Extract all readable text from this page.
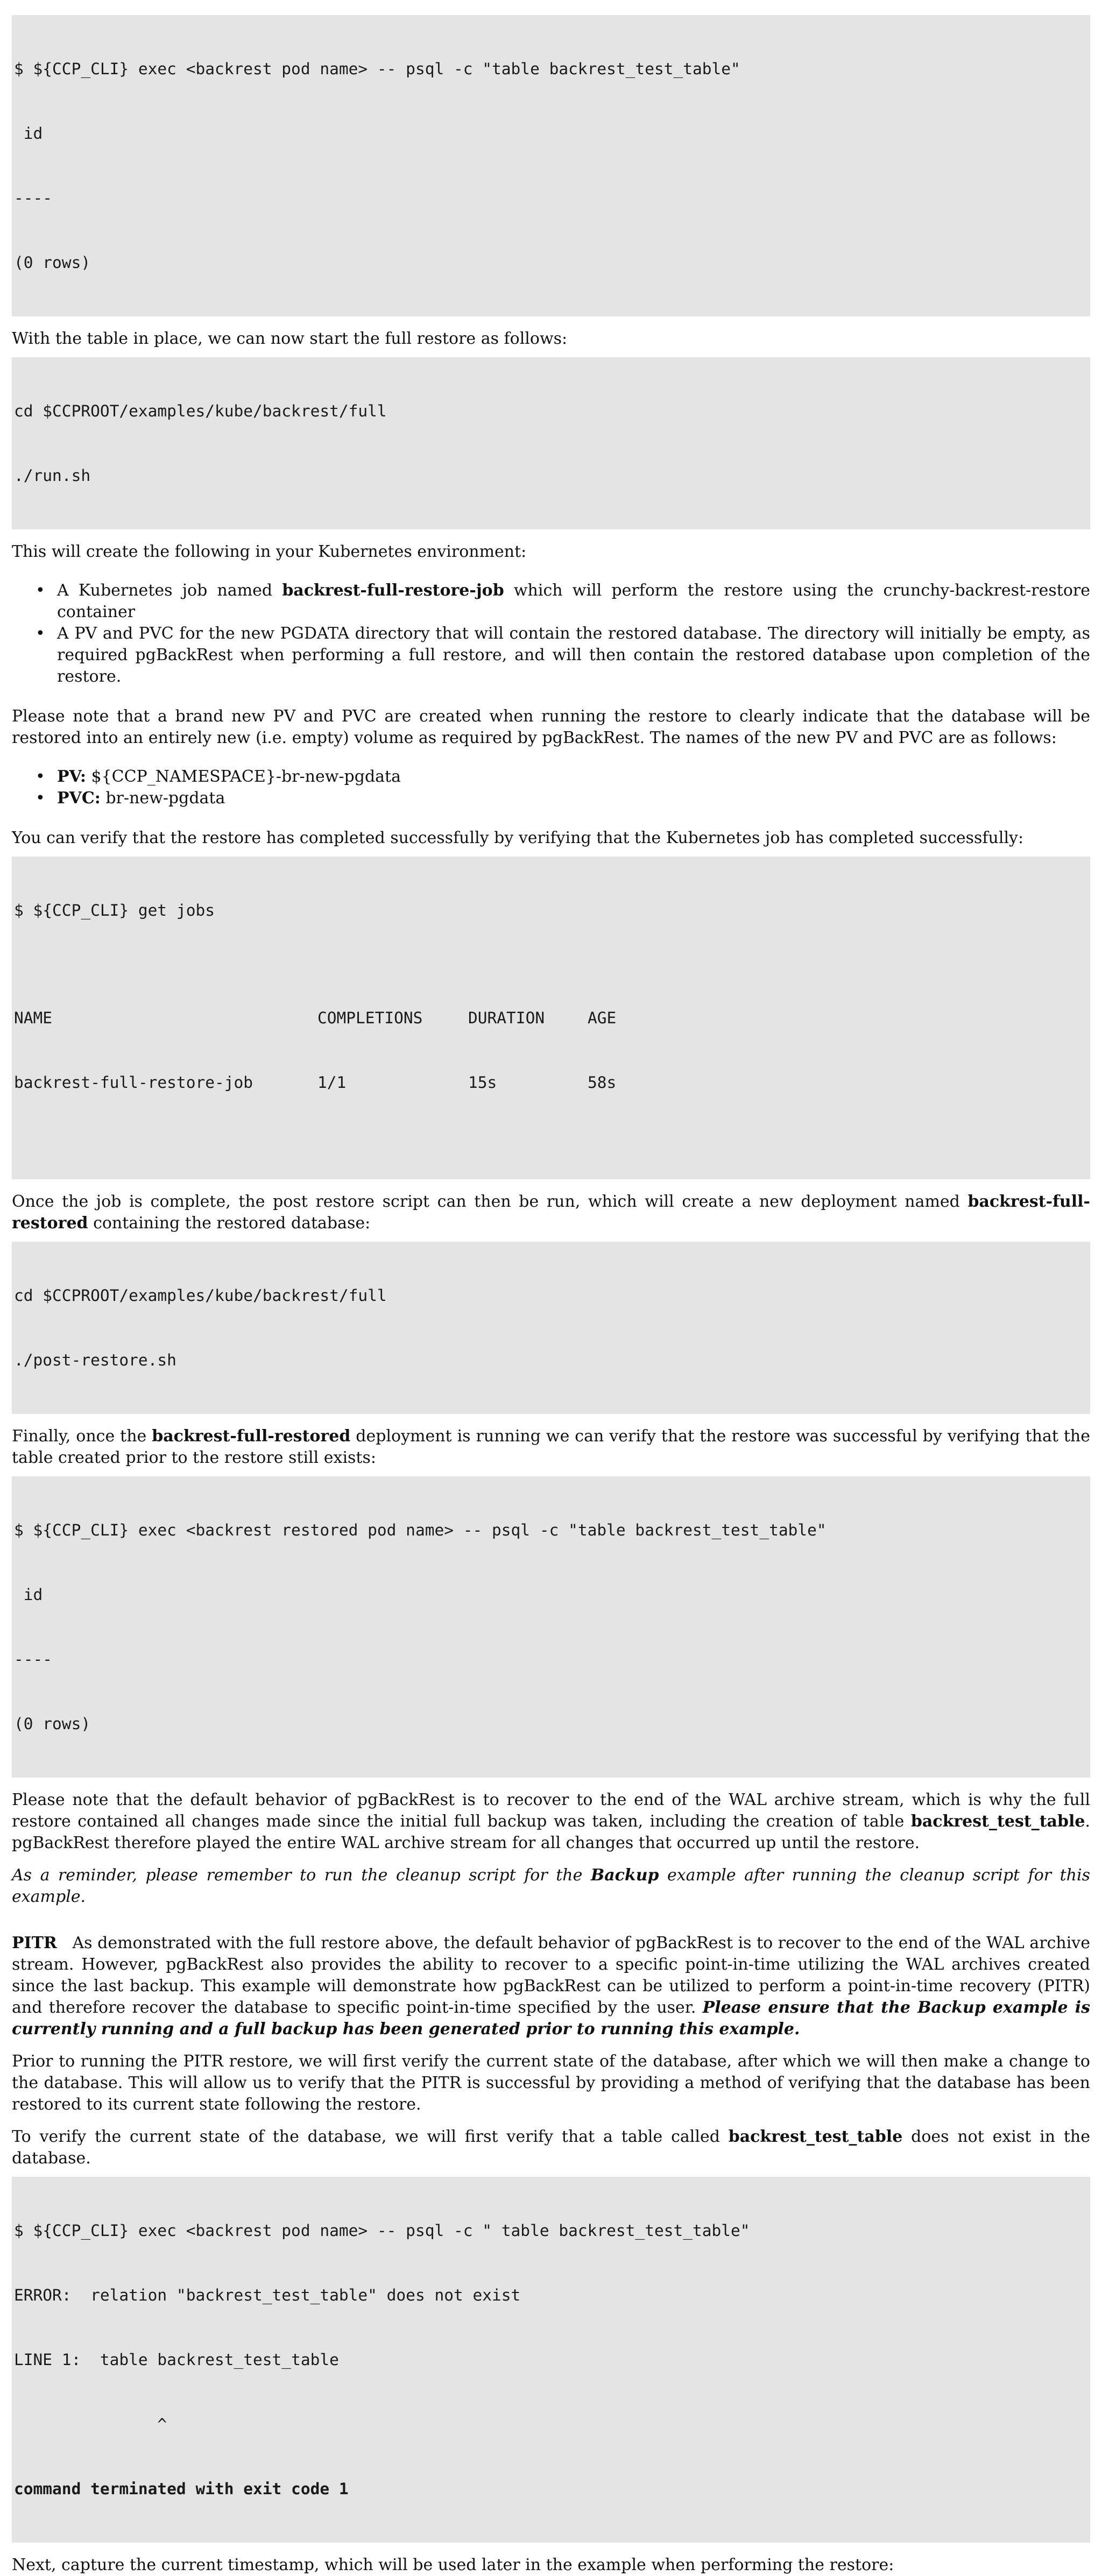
$ ${CCP_CLI} exec <backrest pod name> -- psql -c "table backrest_test_table"

id

----

(0 rows)

With the table in place, we can now start the full restore as follows:

cd $CCPROOT/examples/kube/backrest/full

./run.sh

This will create the following in your Kubernetes environment:

• A Kubernetes job named backrest-full-restore-job which will perform the restore using the crunchy-backrest-restore container
• A PV and PVC for the new PGDATA directory that will contain the restored database. The directory will initially be empty, as required pgBackRest when performing a full restore, and will then contain the restored database upon completion of the restore.

Please note that a brand new PV and PVC are created when running the restore to clearly indicate that the database will be restored into an entirely new (i.e. empty) volume as required by pgBackRest. The names of the new PV and PVC are as follows:

• PV: ${CCP_NAMESPACE}-br-new-pgdata
• PVC: br-new-pgdata

You can verify that the restore has completed successfully by verifying that the Kubernetes job has completed successfully:

$ ${CCP_CLI} get jobs

NAME	COMPLETIONS	DURATION	AGE

backrest-full-restore-job	1/1	15s	58s

Once the job is complete, the post restore script can then be run, which will create a new deployment named backrest-full-restored containing the restored database:

cd $CCPROOT/examples/kube/backrest/full

./post-restore.sh

Finally, once the backrest-full-restored deployment is running we can verify that the restore was successful by verifying that the table created prior to the restore still exists:

$ ${CCP_CLI} exec <backrest restored pod name> -- psql -c "table backrest_test_table"

id

----

(0 rows)

Please note that the default behavior of pgBackRest is to recover to the end of the WAL archive stream, which is why the full restore contained all changes made since the initial full backup was taken, including the creation of table backrest_test_table. pgBackRest therefore played the entire WAL archive stream for all changes that occurred up until the restore.

As a reminder, please remember to run the cleanup script for the Backup example after running the cleanup script for this example.

PITR As demonstrated with the full restore above, the default behavior of pgBackRest is to recover to the end of the WAL archive stream. However, pgBackRest also provides the ability to recover to a specific point-in-time utilizing the WAL archives created since the last backup. This example will demonstrate how pgBackRest can be utilized to perform a point-in-time recovery (PITR) and therefore recover the database to specific point-in-time specified by the user. Please ensure that the Backup example is currently running and a full backup has been generated prior to running this example.

Prior to running the PITR restore, we will first verify the current state of the database, after which we will then make a change to the database. This will allow us to verify that the PITR is successful by providing a method of verifying that the database has been restored to its current state following the restore.

To verify the current state of the database, we will first verify that a table called backrest_test_table does not exist in the database.

$ ${CCP_CLI} exec <backrest pod name> -- psql -c " table backrest_test_table"

ERROR:  relation "backrest_test_table" does not exist

LINE 1:  table backrest_test_table

^

command terminated with exit code 1

Next, capture the current timestamp, which will be used later in the example when performing the restore:
